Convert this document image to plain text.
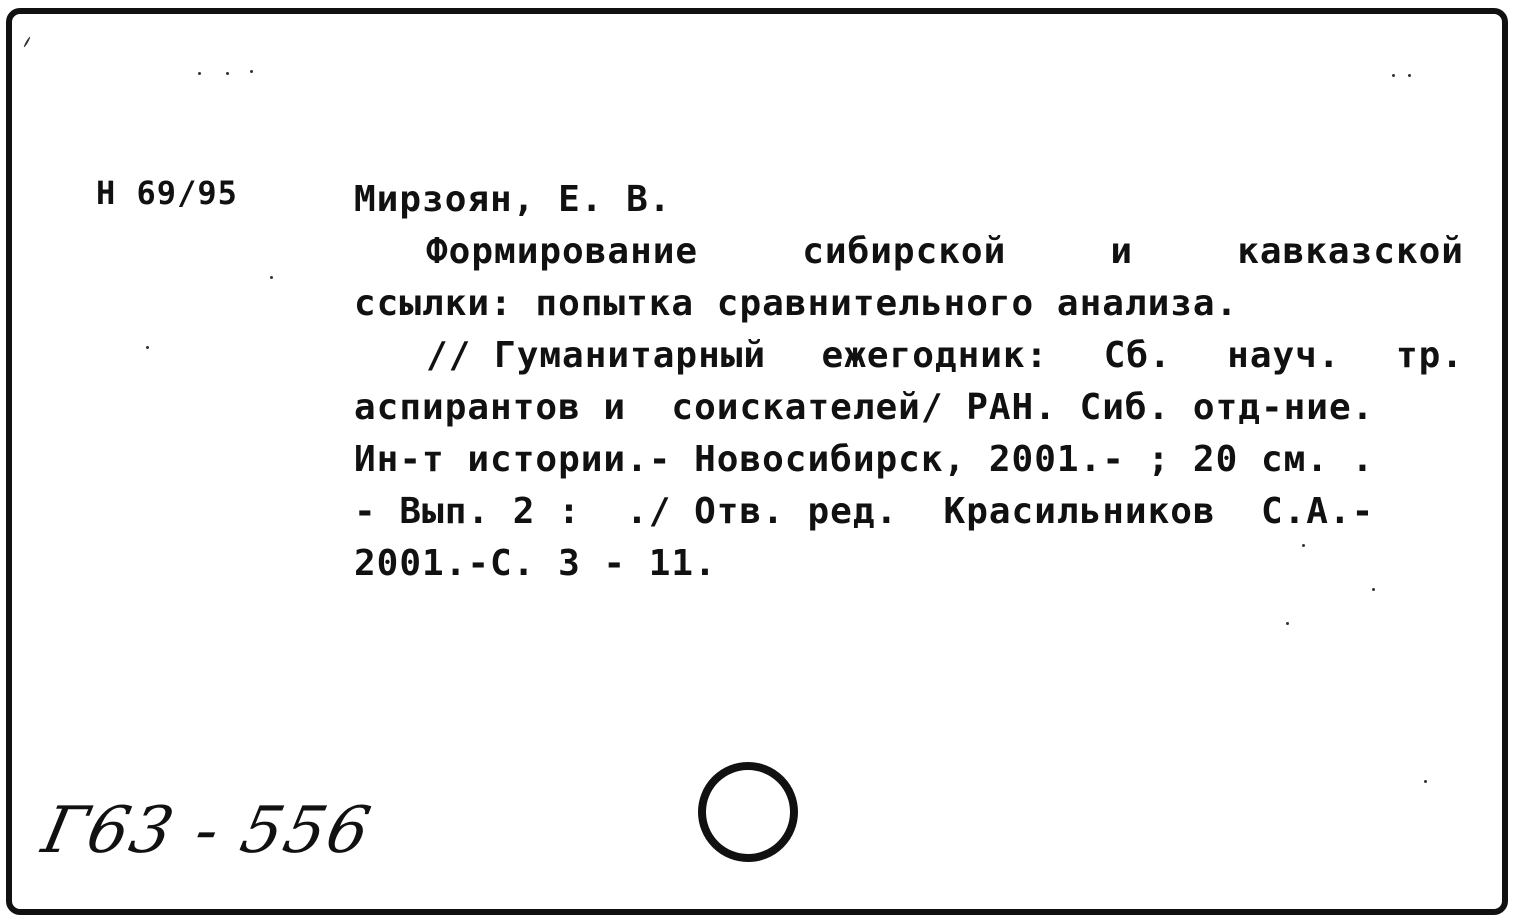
Н 69/95	Мирзоян, Е. В.
Формирование	сибирской	и	кавказской
ссылки: попытка сравнительного анализа.
// Гуманитарный ежегодник: Сб. науч. тр.
аспирантов и  соискателей/ РАН. Сиб. отд-ние.
Ин-т истории.- Новосибирск, 2001.- ; 20 см. .
- Вып. 2 :  ./ Отв. ред.  Красильников  С.А.-
2001.-С. 3 - 11.
Г63 - 556
